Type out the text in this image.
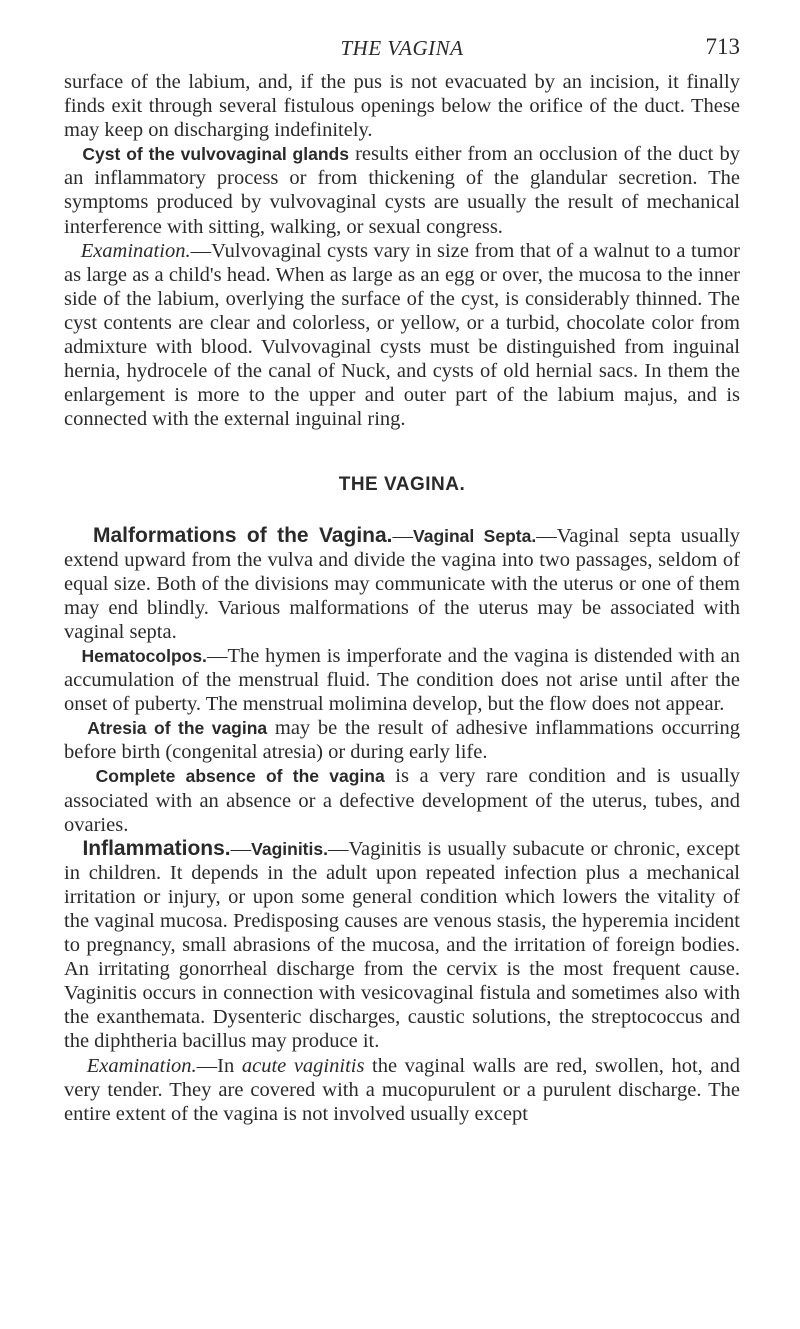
THE VAGINA	713

surface of the labium, and, if the pus is not evacuated by an incision, it finally finds exit through several fistulous openings below the orifice of the duct. These may keep on discharging indefinitely.

Cyst of the vulvovaginal glands results either from an occlusion of the duct by an inflammatory process or from thickening of the glandular secretion. The symptoms produced by vulvovaginal cysts are usually the result of mechanical interference with sitting, walking, or sexual congress.

Examination.—Vulvovaginal cysts vary in size from that of a walnut to a tumor as large as a child's head. When as large as an egg or over, the mucosa to the inner side of the labium, overlying the surface of the cyst, is considerably thinned. The cyst contents are clear and colorless, or yellow, or a turbid, chocolate color from admixture with blood. Vulvovaginal cysts must be distinguished from inguinal hernia, hydrocele of the canal of Nuck, and cysts of old hernial sacs. In them the enlargement is more to the upper and outer part of the labium majus, and is connected with the external inguinal ring.

THE VAGINA.

Malformations of the Vagina.—Vaginal Septa.—Vaginal septa usually extend upward from the vulva and divide the vagina into two passages, seldom of equal size. Both of the divisions may communicate with the uterus or one of them may end blindly. Various malformations of the uterus may be associated with vaginal septa.

Hematocolpos.—The hymen is imperforate and the vagina is distended with an accumulation of the menstrual fluid. The condition does not arise until after the onset of puberty. The menstrual molimina develop, but the flow does not appear.

Atresia of the vagina may be the result of adhesive inflammations occurring before birth (congenital atresia) or during early life.

Complete absence of the vagina is a very rare condition and is usually associated with an absence or a defective development of the uterus, tubes, and ovaries.

Inflammations.—Vaginitis.—Vaginitis is usually subacute or chronic, except in children. It depends in the adult upon repeated infection plus a mechanical irritation or injury, or upon some general condition which lowers the vitality of the vaginal mucosa. Predisposing causes are venous stasis, the hyperemia incident to pregnancy, small abrasions of the mucosa, and the irritation of foreign bodies. An irritating gonorrheal discharge from the cervix is the most frequent cause. Vaginitis occurs in connection with vesicovaginal fistula and sometimes also with the exanthemata. Dysenteric discharges, caustic solutions, the streptococcus and the diphtheria bacillus may produce it.

Examination.—In acute vaginitis the vaginal walls are red, swollen, hot, and very tender. They are covered with a mucopurulent or a purulent discharge. The entire extent of the vagina is not involved usually except
